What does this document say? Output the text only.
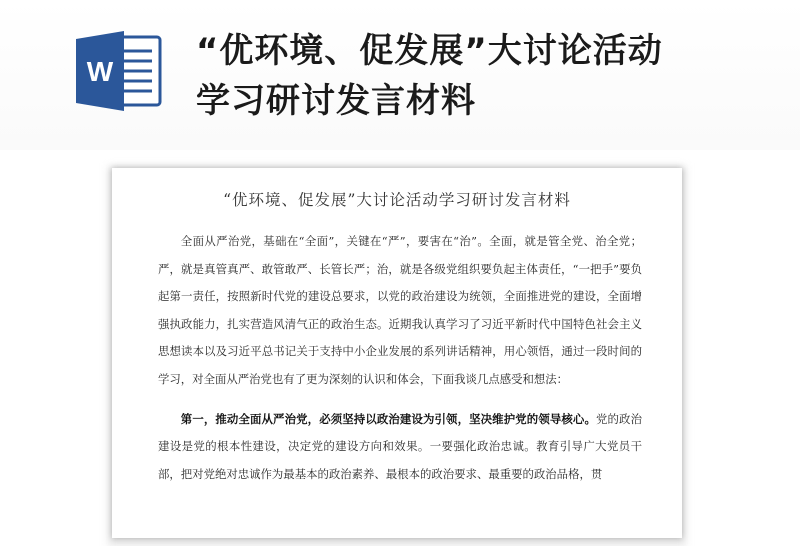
W
“优环境、促发展”大讨论活动
学习研讨发言材料
“优环境、促发展”大讨论活动学习研讨发言材料

全面从严治党，基础在“全面”，关键在“严”，要害在“治”。全面，就是管全党、治全党；严，就是真管真严、敢管敢严、长管长严；治，就是各级党组织要负起主体责任，“一把手”要负起第一责任，按照新时代党的建设总要求，以党的政治建设为统领，全面推进党的建设，全面增强执政能力，扎实营造风清气正的政治生态。近期我认真学习了习近平新时代中国特色社会主义思想读本以及习近平总书记关于支持中小企业发展的系列讲话精神，用心领悟，通过一段时间的学习，对全面从严治党也有了更为深刻的认识和体会，下面我谈几点感受和想法：

第一，推动全面从严治党，必须坚持以政治建设为引领，坚决维护党的领导核心。党的政治建设是党的根本性建设，决定党的建设方向和效果。一要强化政治忠诚。教育引导广大党员干部，把对党绝对忠诚作为最基本的政治素养、最根本的政治要求、最重要的政治品格，贯
